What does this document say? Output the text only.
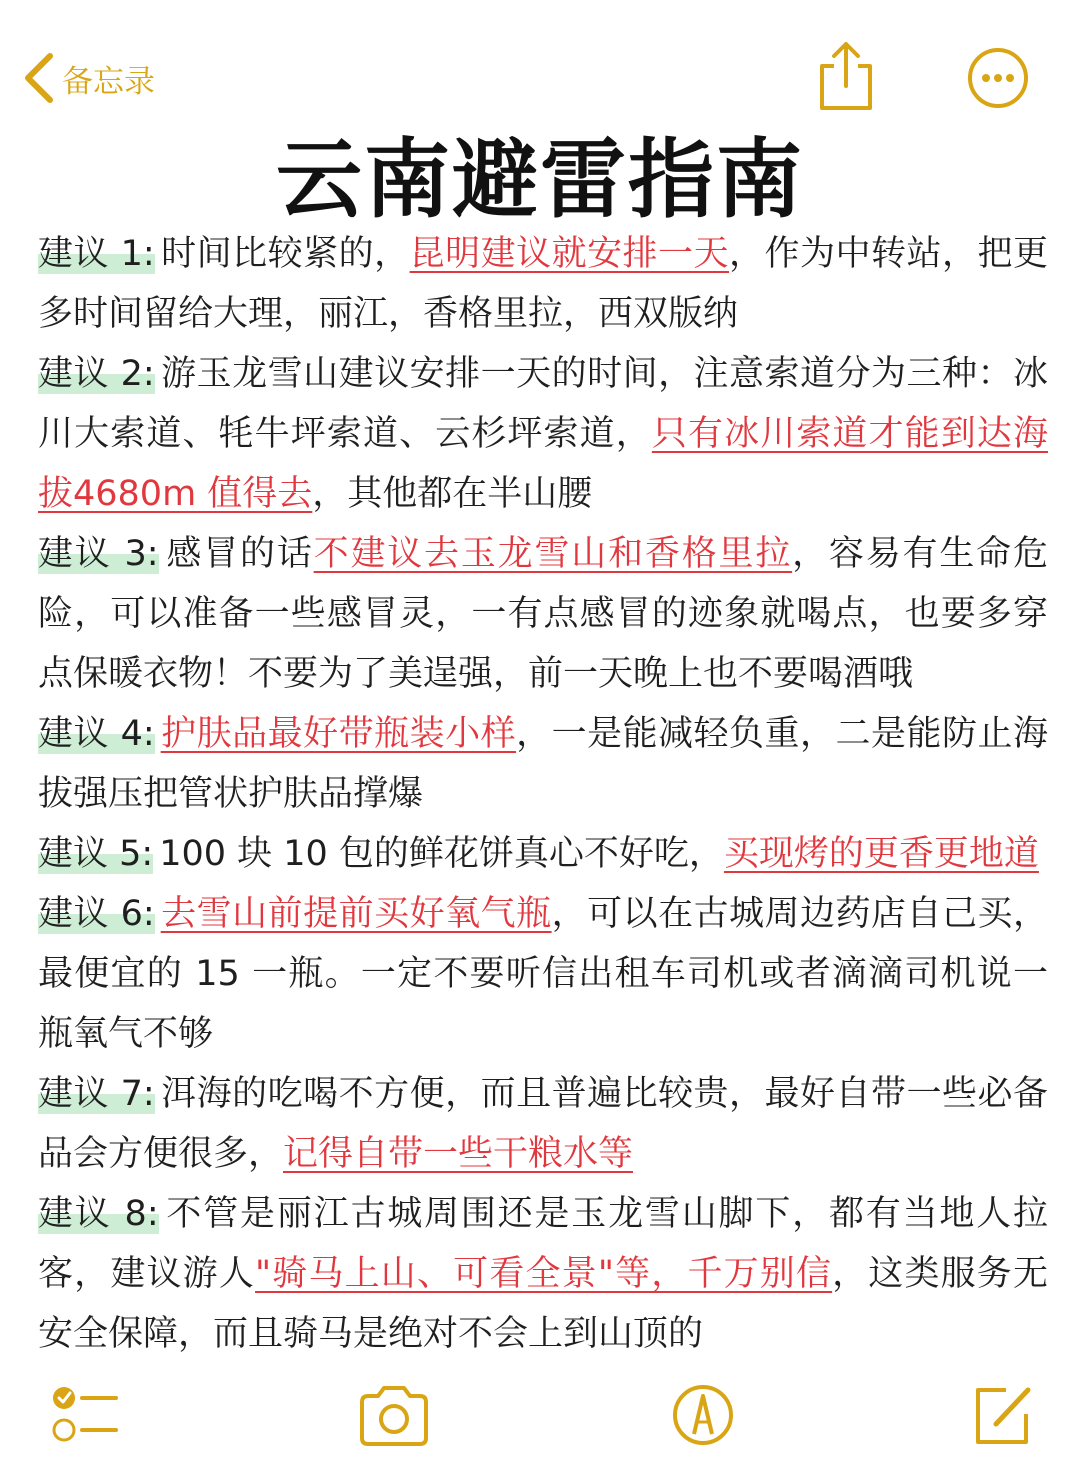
备忘录
云南避雷指南

建议 1: 时间比较紧的，昆明建议就安排一天，作为中转站，把更多时间留给大理，丽江，香格里拉，西双版纳

建议 2: 游玉龙雪山建议安排一天的时间，注意索道分为三种：冰川大索道、牦牛坪索道、云杉坪索道，只有冰川索道才能到达海拔4680m 值得去，其他都在半山腰

建议 3: 感冒的话不建议去玉龙雪山和香格里拉，容易有生命危险，可以准备一些感冒灵，一有点感冒的迹象就喝点，也要多穿点保暖衣物！不要为了美逞强，前一天晚上也不要喝酒哦

建议 4: 护肤品最好带瓶装小样，一是能减轻负重，二是能防止海拔强压把管状护肤品撑爆

建议 5: 100 块 10 包的鲜花饼真心不好吃，买现烤的更香更地道

建议 6: 去雪山前提前买好氧气瓶，可以在古城周边药店自己买，最便宜的 15 一瓶。一定不要听信出租车司机或者滴滴司机说一瓶氧气不够

建议 7: 洱海的吃喝不方便，而且普遍比较贵，最好自带一些必备品会方便很多，记得自带一些干粮水等

建议 8: 不管是丽江古城周围还是玉龙雪山脚下，都有当地人拉客，建议游人"骑马上山、可看全景"等，千万别信，这类服务无安全保障，而且骑马是绝对不会上到山顶的
